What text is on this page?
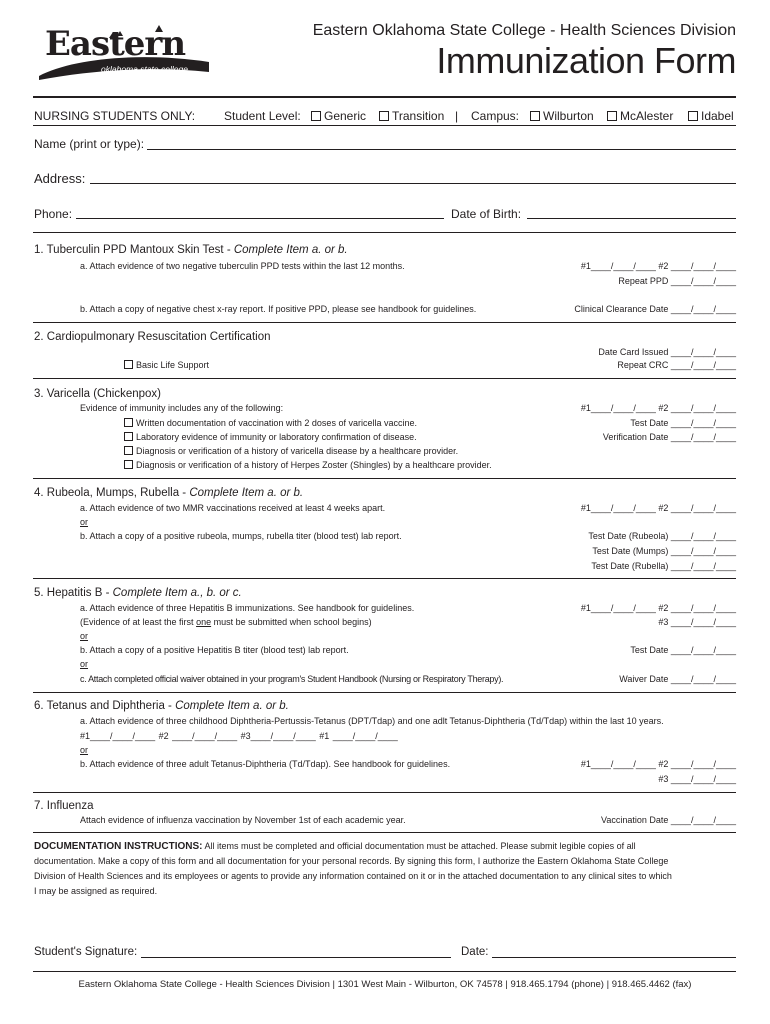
Eastern
oklahoma state college
Eastern Oklahoma State College - Health Sciences Division
Immunization Form
NURSING STUDENTS ONLY: Student Level:	Generic	Transition | Campus:	Wilburton	McAlester	Idabel
Name (print or type):
Address:
Phone:	Date of Birth:
1. Tuberculin PPD Mantoux Skin Test - Complete Item a. or b.
a. Attach evidence of two negative tuberculin PPD tests within the last 12 months.	#1____/____/____ #2 ____/____/____
Repeat PPD ____/____/____
b. Attach a copy of negative chest x-ray report. If positive PPD, please see handbook for guidelines.	Clinical Clearance Date ____/____/____
2. Cardiopulmonary Resuscitation Certification
Date Card Issued ____/____/____
Basic Life Support	Repeat CRC ____/____/____
3. Varicella (Chickenpox)
Evidence of immunity includes any of the following:	#1____/____/____ #2 ____/____/____
Written documentation of vaccination with 2 doses of varicella vaccine.	Test Date ____/____/____
Laboratory evidence of immunity or laboratory confirmation of disease.	Verification Date ____/____/____
Diagnosis or verification of a history of varicella disease by a healthcare provider.
Diagnosis or verification of a history of Herpes Zoster (Shingles) by a healthcare provider.
4. Rubeola, Mumps, Rubella - Complete Item a. or b.
a. Attach evidence of two MMR vaccinations received at least 4 weeks apart.	#1____/____/____ #2 ____/____/____
or
b. Attach a copy of a positive rubeola, mumps, rubella titer (blood test) lab report.	Test Date (Rubeola) ____/____/____
Test Date (Mumps) ____/____/____
Test Date (Rubella) ____/____/____
5. Hepatitis B - Complete Item a., b. or c.
a. Attach evidence of three Hepatitis B immunizations. See handbook for guidelines.	#1____/____/____ #2 ____/____/____
(Evidence of at least the first one must be submitted when school begins)	#3 ____/____/____
or
b. Attach a copy of a positive Hepatitis B titer (blood test) lab report.	Test Date ____/____/____
or
c. Attach completed official waiver obtained in your program's Student Handbook (Nursing or Respiratory Therapy).	Waiver Date ____/____/____
6. Tetanus and Diphtheria - Complete Item a. or b.
a. Attach evidence of three childhood Diphtheria-Pertussis-Tetanus (DPT/Tdap) and one adlt Tetanus-Diphtheria (Td/Tdap) within the last 10 years.
#1____/____/____ #2 ____/____/____ #3____/____/____ #1 ____/____/____
or
b. Attach evidence of three adult Tetanus-Diphtheria (Td/Tdap). See handbook for guidelines.	#1____/____/____ #2 ____/____/____
#3 ____/____/____
7. Influenza
Attach evidence of influenza vaccination by November 1st of each academic year.	Vaccination Date ____/____/____
DOCUMENTATION INSTRUCTIONS: All items must be completed and official documentation must be attached. Please submit legible copies of all
documentation. Make a copy of this form and all documentation for your personal records. By signing this form, I authorize the Eastern Oklahoma State College
Division of Health Sciences and its employees or agents to provide any information contained on it or in the attached documentation to any clinical sites to which
I may be assigned as required.
Student's Signature:	Date:
Eastern Oklahoma State College - Health Sciences Division | 1301 West Main - Wilburton, OK 74578 | 918.465.1794 (phone) | 918.465.4462 (fax)
